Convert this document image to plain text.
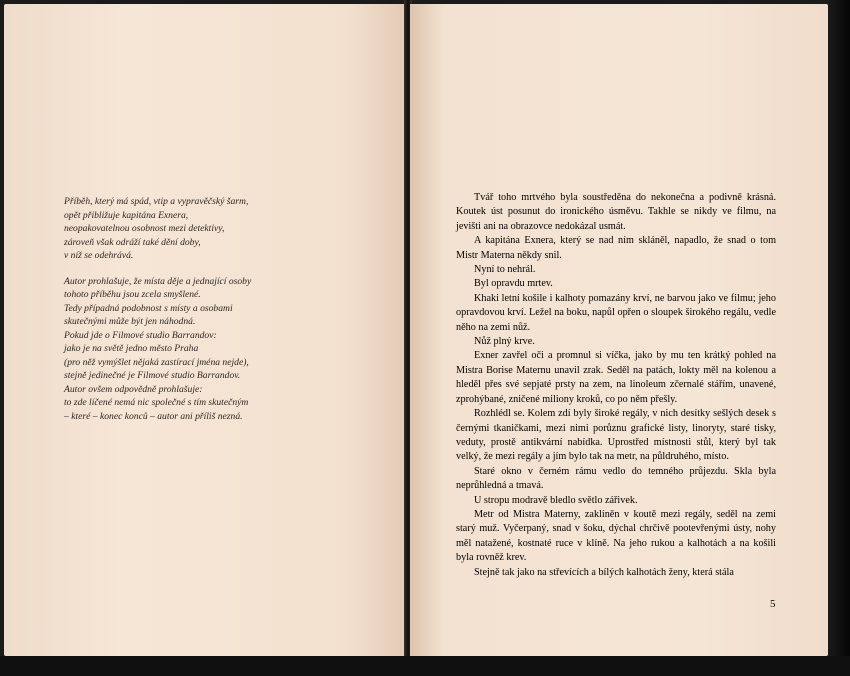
Příběh, který má spád, vtip a vypravěčský šarm,
opět přibližuje kapitána Exnera,
neopakovatelnou osobnost mezi detektivy,
zároveň však odráží také dění doby,
v níž se odehrává.
Autor prohlašuje, že místa děje a jednající osoby
tohoto příběhu jsou zcela smyšlené.
Tedy případná podobnost s místy a osobami
skutečnými může být jen náhodná.
Pokud jde o Filmové studio Barrandov:
jako je na světě jedno město Praha
(pro něž vymýšlet nějaká zastírací jména nejde),
stejně jedinečné je Filmové studio Barrandov.
Autor ovšem odpovědně prohlašuje:
to zde líčené nemá nic společné s tím skutečným
– které – konec konců – autor ani příliš nezná.

Tvář toho mrtvého byla soustředěna do nekonečna a podivně krásná. Koutek úst posunut do ironického úsměvu. Takhle se nikdy ve filmu, na jevišti ani na obrazovce nedokázal usmát.

A kapitána Exnera, který se nad ním skláněl, napadlo, že snad o tom Mistr Materna někdy snil.

Nyní to nehrál.

Byl opravdu mrtev.

Khaki letní košile i kalhoty pomazány krví, ne barvou jako ve filmu; jeho opravdovou krví. Ležel na boku, napůl opřen o sloupek širokého regálu, vedle něho na zemi nůž.

Nůž plný krve.

Exner zavřel oči a promnul si víčka, jako by mu ten krátký pohled na Mistra Borise Maternu unavil zrak. Seděl na patách, lokty měl na kolenou a hleděl přes své sepjaté prsty na zem, na linoleum zčernalé stářím, unavené, zprohýbané, zničené miliony kroků, co po něm přešly.

Rozhlédl se. Kolem zdí byly široké regály, v nich desítky sešlých desek s černými tkaničkami, mezi nimi porůznu grafické listy, linoryty, staré tisky, veduty, prostě antikvární nabídka. Uprostřed místnosti stůl, který byl tak velký, že mezi regály a jím bylo tak na metr, na půldruhého, místo.

Staré okno v černém rámu vedlo do temného průjezdu. Skla byla neprůhledná a tmavá.

U stropu modravě bledlo světlo zářivek.

Metr od Mistra Materny, zaklíněn v koutě mezi regály, seděl na zemi starý muž. Vyčerpaný, snad v šoku, dýchal chrčivě pootevřenými ústy, nohy měl natažené, kostnaté ruce v klíně. Na jeho rukou a kalhotách a na košili byla rovněž krev.

Stejně tak jako na střevících a bílých kalhotách ženy, která stála

5
